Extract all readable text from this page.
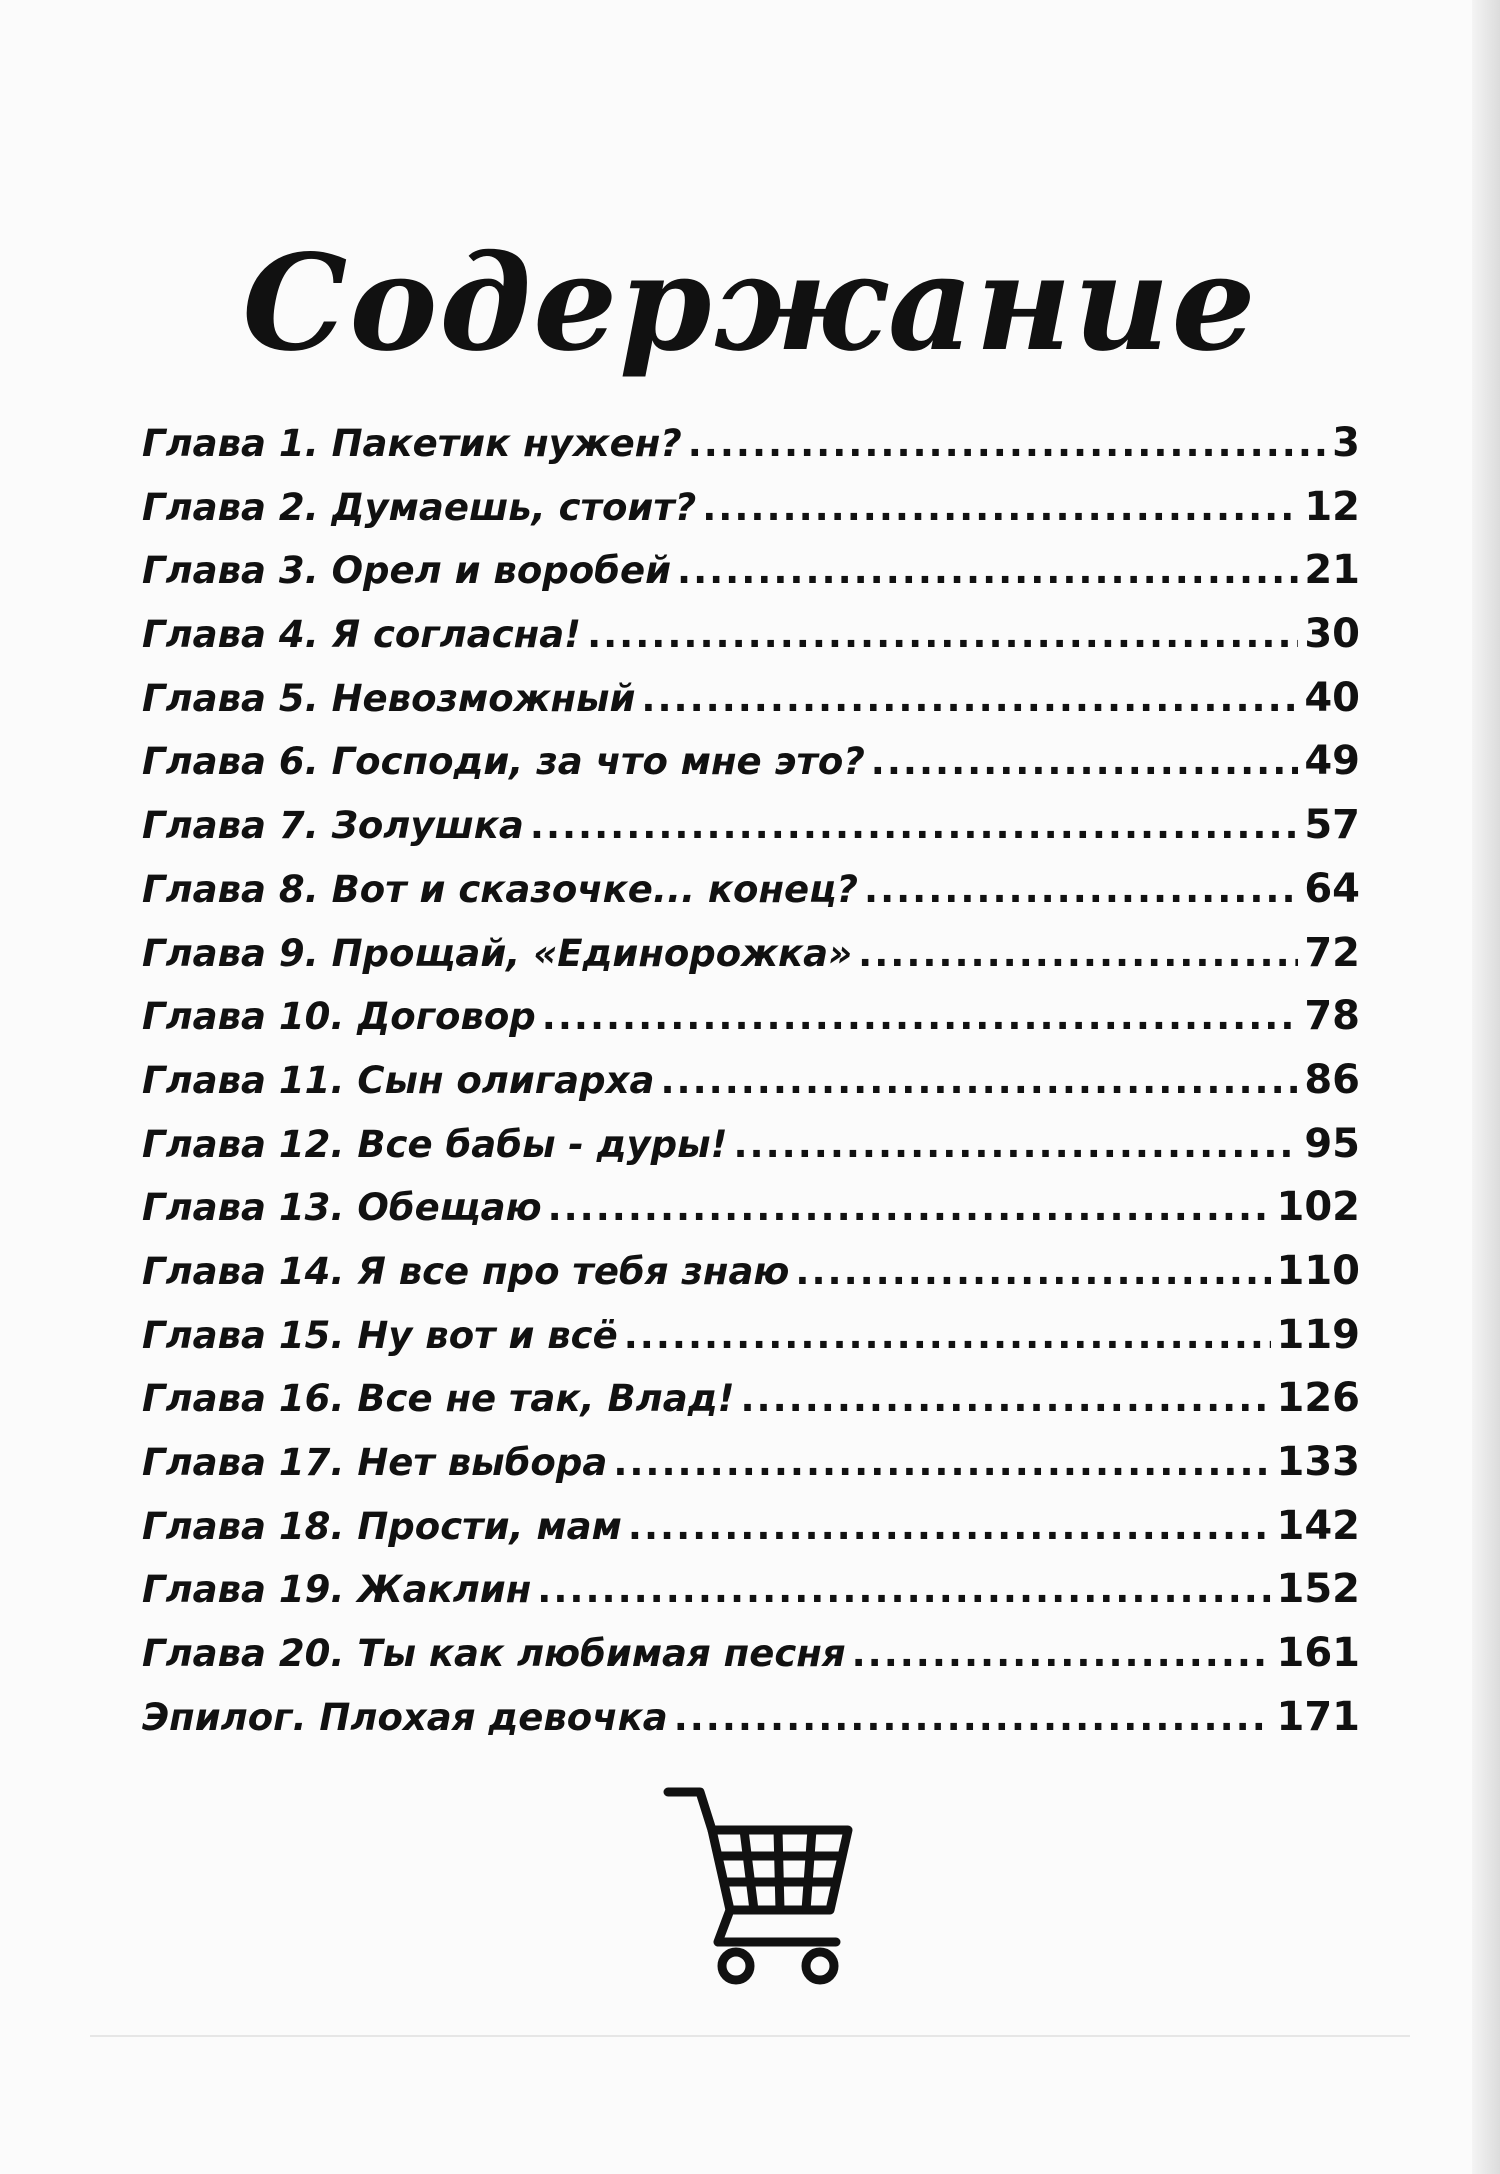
Содержание
Глава 1. Пакетик нужен? .....	3
Глава 2. Думаешь, стоит? .....	12
Глава 3. Орел и воробей .....	21
Глава 4. Я согласна! .....	30
Глава 5. Невозможный .....	40
Глава 6. Господи, за что мне это? .....	49
Глава 7. Золушка .....	57
Глава 8. Вот и сказочке... конец? .....	64
Глава 9. Прощай, «Единорожка» .....	72
Глава 10. Договор .....	78
Глава 11. Сын олигарха .....	86
Глава 12. Все бабы - дуры! .....	95
Глава 13. Обещаю .....	102
Глава 14. Я все про тебя знаю .....	110
Глава 15. Ну вот и всё .....	119
Глава 16. Все не так, Влад! .....	126
Глава 17. Нет выбора .....	133
Глава 18. Прости, мам .....	142
Глава 19. Жаклин .....	152
Глава 20. Ты как любимая песня .....	161
Эпилог. Плохая девочка .....	171
